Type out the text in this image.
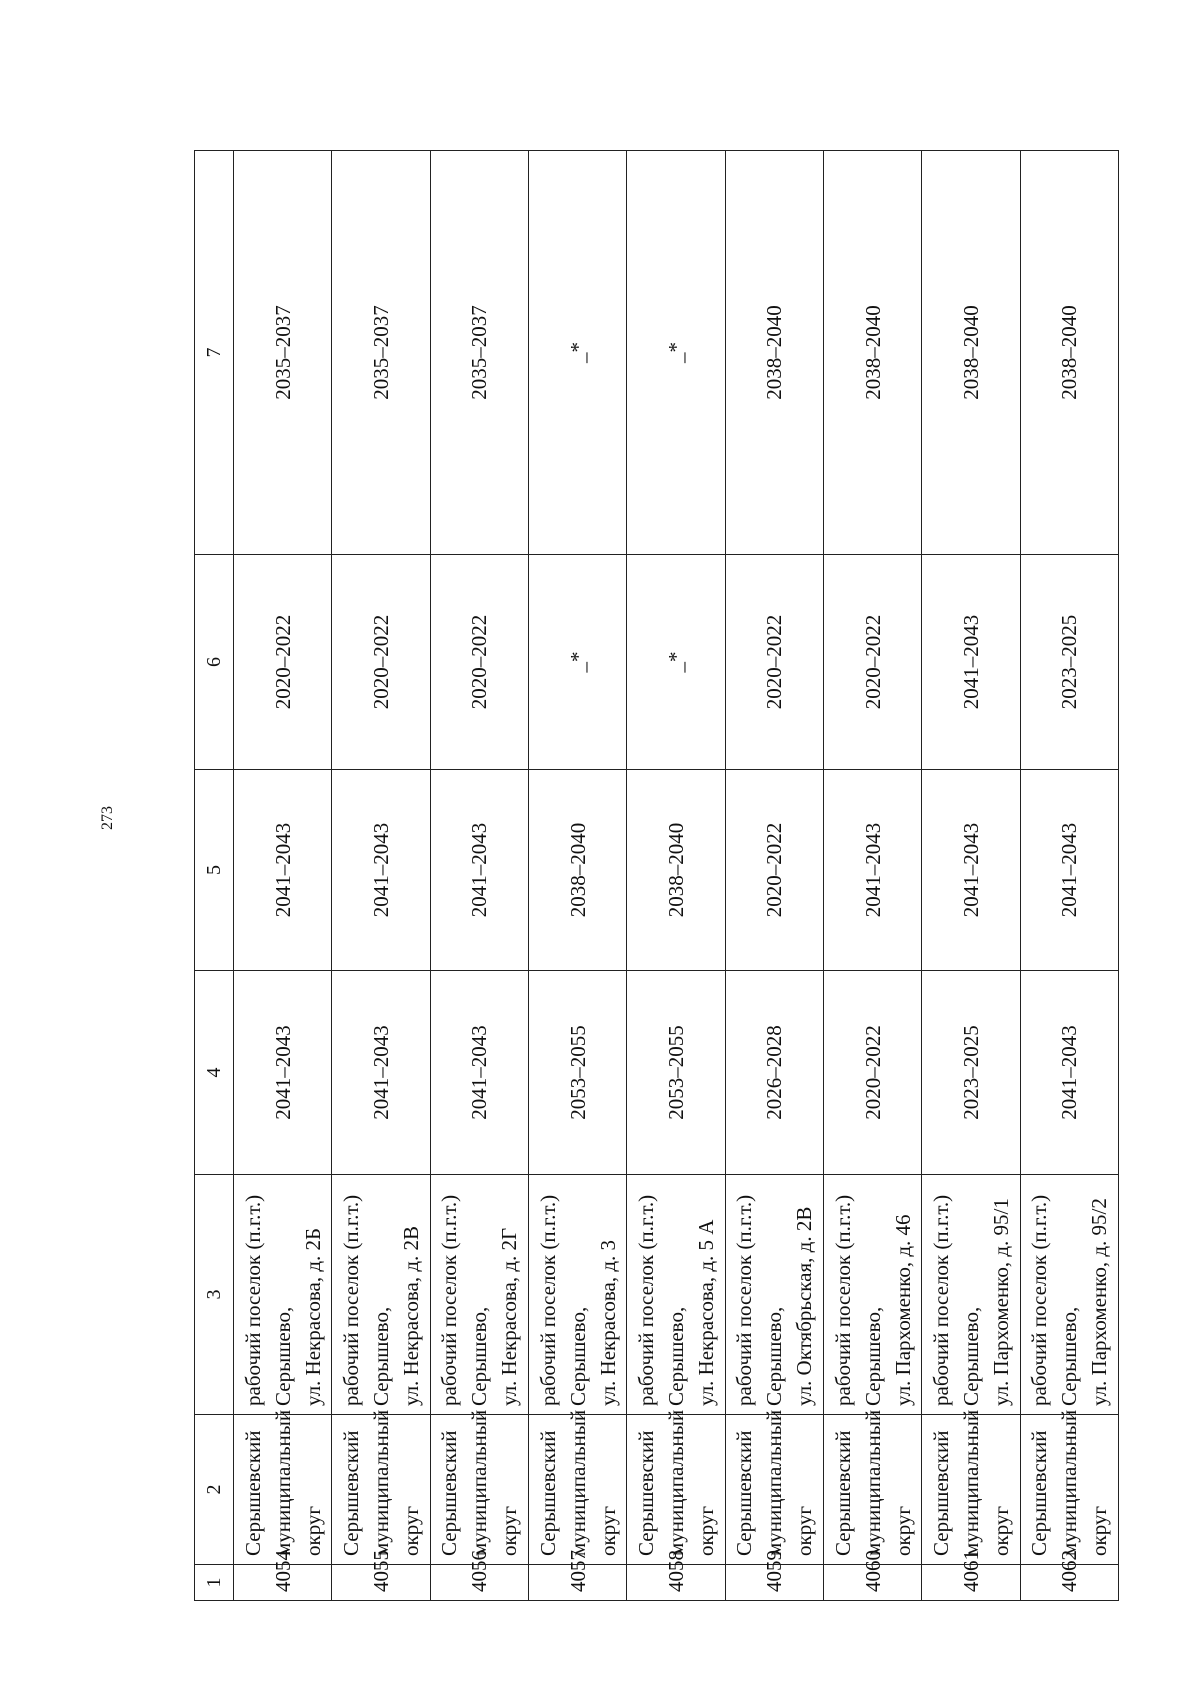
273
1	2	3	4	5	6	7
4054	Серышевский
муниципальный
округ	рабочий поселок (п.г.т.)
Серышево,
ул. Некрасова, д. 2Б	2041–2043	2041–2043	2020–2022	2035–2037
4055	Серышевский
муниципальный
округ	рабочий поселок (п.г.т.)
Серышево,
ул. Некрасова, д. 2В	2041–2043	2041–2043	2020–2022	2035–2037
4056	Серышевский
муниципальный
округ	рабочий поселок (п.г.т.)
Серышево,
ул. Некрасова, д. 2Г	2041–2043	2041–2043	2020–2022	2035–2037
4057	Серышевский
муниципальный
округ	рабочий поселок (п.г.т.)
Серышево,
ул. Некрасова, д. 3	2053–2055	2038–2040	_*	_*
4058	Серышевский
муниципальный
округ	рабочий поселок (п.г.т.)
Серышево,
ул. Некрасова, д. 5 А	2053–2055	2038–2040	_*	_*
4059	Серышевский
муниципальный
округ	рабочий поселок (п.г.т.)
Серышево,
ул. Октябрьская, д. 2В	2026–2028	2020–2022	2020–2022	2038–2040
4060	Серышевский
муниципальный
округ	рабочий поселок (п.г.т.)
Серышево,
ул. Пархоменко, д. 46	2020–2022	2041–2043	2020–2022	2038–2040
4061	Серышевский
муниципальный
округ	рабочий поселок (п.г.т.)
Серышево,
ул. Пархоменко, д. 95/1	2023–2025	2041–2043	2041–2043	2038–2040
4062	Серышевский
муниципальный
округ	рабочий поселок (п.г.т.)
Серышево,
ул. Пархоменко, д. 95/2	2041–2043	2041–2043	2023–2025	2038–2040
